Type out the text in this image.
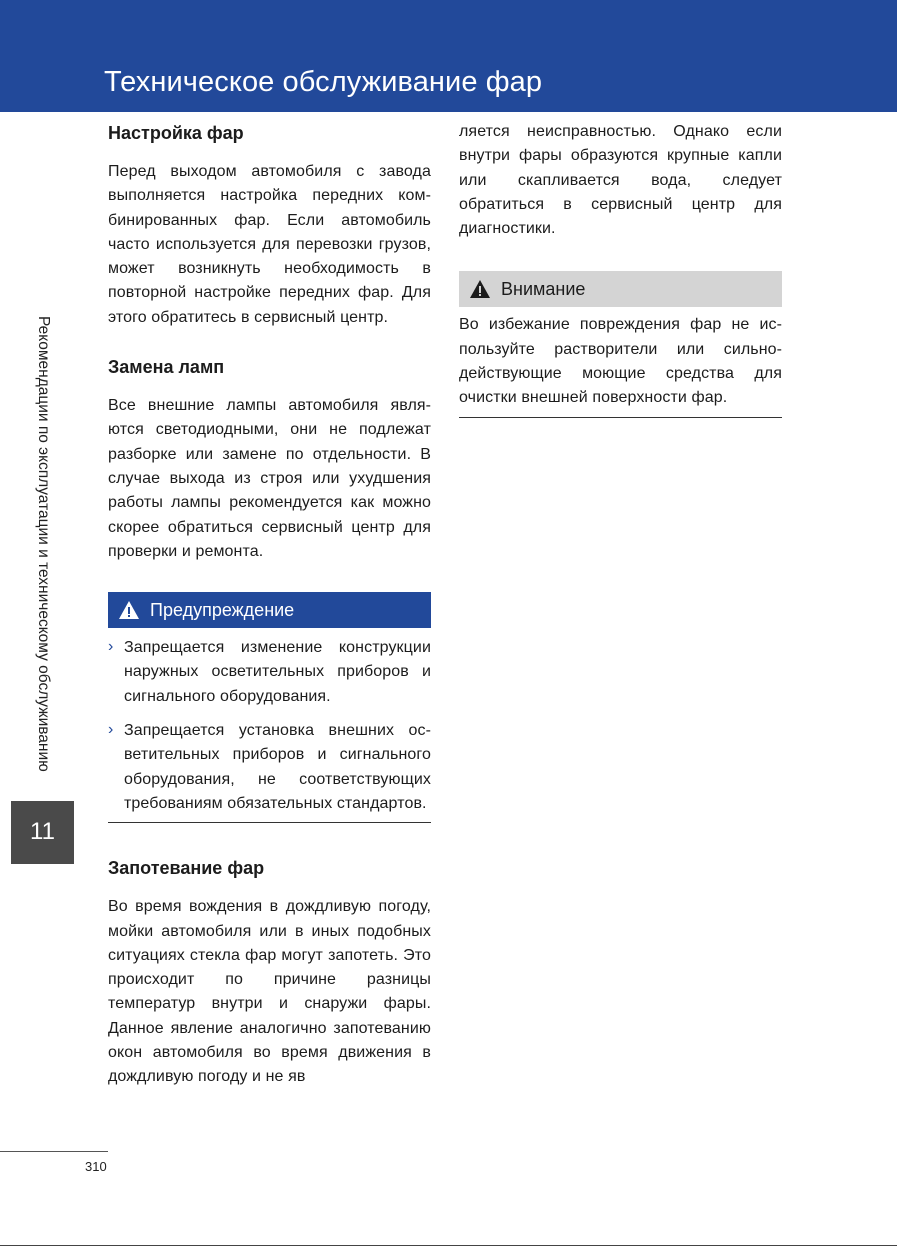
Техническое обслуживание фар
Рекомендации по эксплуатации и техническому обслуживанию
11
Настройка фар

Перед выходом автомобиля с завода выполняется настройка передних комбинированных фар. Если автомобиль часто используется для перевозки грузов, может возникнуть необходимость в повторной настройке передних фар. Для этого обратитесь в сервисный центр.

Замена ламп

Все внешние лампы автомобиля являются светодиодными, они не подлежат разборке или замене по отдельности. В случае выхода из строя или ухудшения работы лампы рекомендуется как можно скорее обратиться сервисный центр для проверки и ремонта.

Предупреждение
› Запрещается изменение конструкции наружных осветительных приборов и сигнального оборудования.

› Запрещается установка внешних осветительных приборов и сигнального оборудования, не соответствующих требованиям обязательных стандартов.

Запотевание фар

Во время вождения в дождливую погоду, мойки автомобиля или в иных подобных ситуациях стекла фар могут запотеть. Это происходит по причине разницы температур внутри и снаружи фары. Данное явление аналогично запотеванию окон автомобиля во время движения в дождливую погоду и не яв

ляется неисправностью. Однако если внутри фары образуются крупные капли или скапливается вода, следует обратиться в сервисный центр для диагностики.

Внимание

Во избежание повреждения фар не используйте растворители или сильнодействующие моющие средства для очистки внешней поверхности фар.

310
